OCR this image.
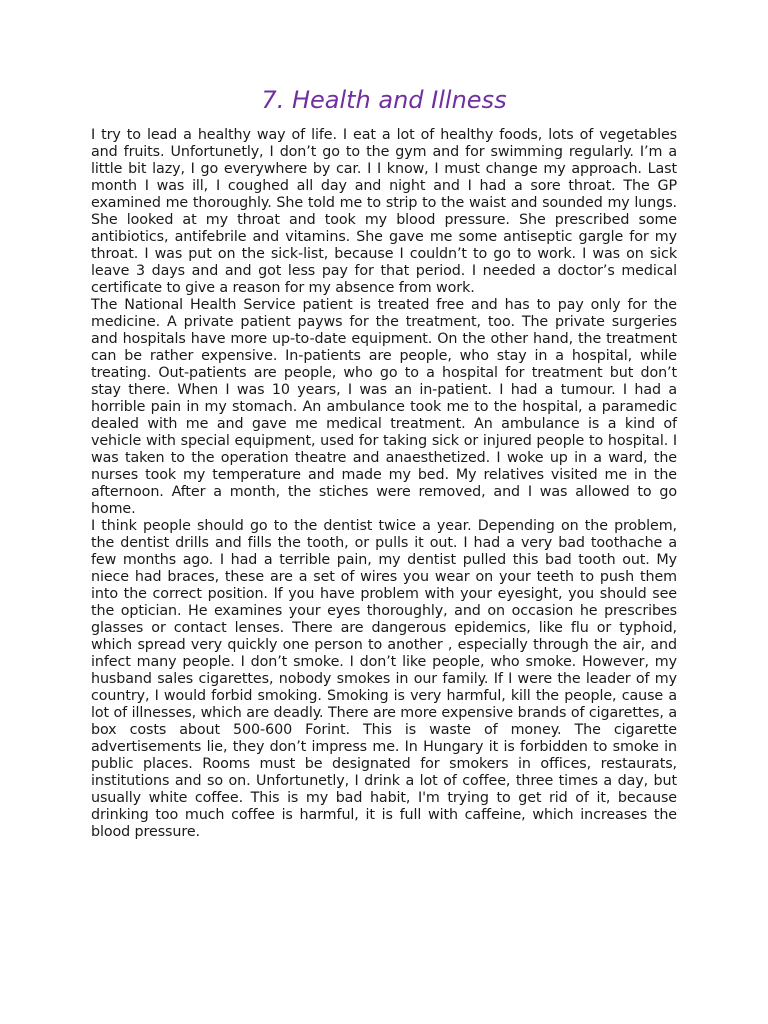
7. Health and Illness

I try to lead a healthy way of life. I eat a lot of healthy foods, lots of vegetables and fruits. Unfortunetly, I don’t go to the gym and for swimming regularly. I’m a little bit lazy, I go everywhere by car. I I know, I must change my approach. Last month I was ill, I coughed all day and night and I had a sore throat. The GP examined me thoroughly. She told me to strip to the waist and sounded my lungs. She looked at my throat and took my blood pressure. She prescribed some antibiotics, antifebrile and vitamins. She gave me some antiseptic gargle for my throat. I was put on the sick-list, because I couldn’t to go to work. I was on sick leave 3 days and and got less pay for that period. I needed a doctor’s medical certificate to give a reason for my absence from work.

The National Health Service patient is treated free and has to pay only for the medicine. A private patient payws for the treatment, too. The private surgeries and hospitals have more up-to-date equipment. On the other hand, the treatment can be rather expensive. In-patients are people, who stay in a hospital, while treating. Out-patients are people, who go to a hospital for treatment but don’t stay there. When I was 10 years, I was an in-patient. I had a tumour. I had a horrible pain in my stomach. An ambulance took me to the hospital, a paramedic dealed with me and gave me medical treatment. An ambulance is a kind of vehicle with special equipment, used for taking sick or injured people to hospital. I was taken to the operation theatre and anaesthetized. I woke up in a ward, the nurses took my temperature and made my bed. My relatives visited me in the afternoon. After a month, the stiches were removed, and I was allowed to go home.

I think people should go to the dentist twice a year. Depending on the problem, the dentist drills and fills the tooth, or pulls it out. I had a very bad toothache a few months ago. I had a terrible pain, my dentist pulled this bad tooth out. My niece had braces, these are a set of wires you wear on your teeth to push them into the correct position. If you have problem with your eyesight, you should see the optician. He examines your eyes thoroughly, and on occasion he prescribes glasses or contact lenses. There are dangerous epidemics, like flu or typhoid, which spread very quickly one person to another , especially through the air, and infect many people. I don’t smoke. I don’t like people, who smoke. However, my husband sales cigarettes, nobody smokes in our family. If I were the leader of my country, I would forbid smoking. Smoking is very harmful, kill the people, cause a lot of illnesses, which are deadly. There are more expensive brands of cigarettes, a box costs about 500-600 Forint. This is waste of money. The cigarette advertisements lie, they don’t impress me. In Hungary it is forbidden to smoke in public places. Rooms must be designated for smokers in offices, restaurats, institutions and so on. Unfortunetly, I drink a lot of coffee, three times a day, but usually white coffee. This is my bad habit, I'm trying to get rid of it, because drinking too much coffee is harmful, it is full with caffeine, which increases the blood pressure.
